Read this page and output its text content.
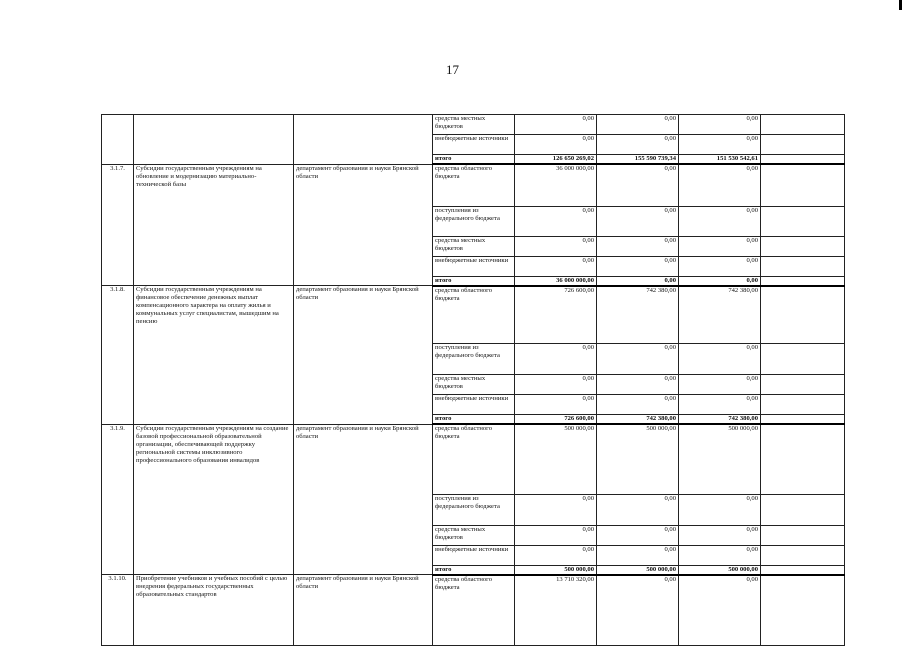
17
			средства местных бюджетов	0,00	0,00	0,00	
			внебюджетные источники	0,00	0,00	0,00	
			итого	126 650 269,02	155 590 739,34	151 530 542,61	
3.1.7.	Субсидии государственным учреждениям на обновление и модернизацию материально-технической базы	департамент образования и науки Брянской области	средства областного бюджета	36 000 000,00	0,00	0,00	
			поступления из федерального бюджета	0,00	0,00	0,00	
			средства местных бюджетов	0,00	0,00	0,00	
			внебюджетные источники	0,00	0,00	0,00	
			итого	36 000 000,00	0,00	0,00	
3.1.8.	Субсидии государственным учреждениям на финансовое обеспечение денежных выплат компенсационного характера на оплату жилья и коммунальных услуг специалистам, вышедшим на пенсию	департамент образования и науки Брянской области	средства областного бюджета	726 600,00	742 380,00	742 380,00	
			поступления из федерального бюджета	0,00	0,00	0,00	
			средства местных бюджетов	0,00	0,00	0,00	
			внебюджетные источники	0,00	0,00	0,00	
			итого	726 600,00	742 380,00	742 380,00	
3.1.9.	Субсидии государственным учреждениям на создание базовой профессиональной образовательной организации, обеспечивающей поддержку региональной системы инклюзивного профессионального образования инвалидов	департамент образования и науки Брянской области	средства областного бюджета	500 000,00	500 000,00	500 000,00	
			поступления из федерального бюджета	0,00	0,00	0,00	
			средства местных бюджетов	0,00	0,00	0,00	
			внебюджетные источники	0,00	0,00	0,00	
			итого	500 000,00	500 000,00	500 000,00	
3.1.10.	Приобретение учебников и учебных пособий с целью внедрения федеральных государственных образовательных стандартов	департамент образования и науки Брянской области	средства областного бюджета	13 710 320,00	0,00	0,00	
